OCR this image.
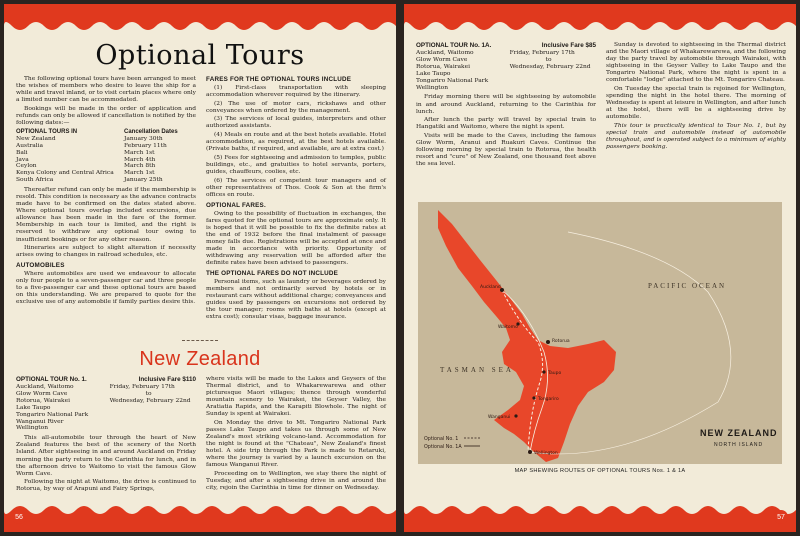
Optional Tours

The following optional tours have been arranged to meet the wishes of members who desire to leave the ship for a while and travel inland, or to visit certain places where only a limited number can be accommodated.

Bookings will be made in the order of application and refunds can only be allowed if cancellation is notified by the following dates:—

OPTIONAL TOURS IN	Cancellation Dates
New Zealand	January 30th
Australia	February 11th
Bali	March 1st
Java	March 4th
Ceylon	March 8th
Kenya Colony and Central Africa	March 1st
South Africa	January 25th

Thereafter refund can only be made if the membership is resold. This condition is necessary as the advance contracts made have to be confirmed on the dates stated above. Where optional tours overlap included excursions, due allowance has been made in the fare of the former. Membership in each tour is limited, and the right is reserved to withdraw any optional tour owing to insufficient bookings or for any other reason.

Itineraries are subject to slight alteration if necessity arises owing to changes in railroad schedules, etc.

AUTOMOBILES

Where automobiles are used we endeavour to allocate only four people to a seven-passenger car and three people to a five-passenger car and these optional tours are based on this understanding. We are prepared to quote for the exclusive use of any automobile if family parties desire this.

FARES FOR THE OPTIONAL TOURS INCLUDE

(1) First-class transportation with sleeping accommodation wherever required by the itinerary.

(2) The use of motor cars, rickshaws and other conveyances when ordered by the management.

(3) The services of local guides, interpreters and other authorized assistants.

(4) Meals en route and at the best hotels available. Hotel accommodation, as required, at the best hotels available. (Private baths, if required, and available, are at extra cost.)

(5) Fees for sightseeing and admission to temples, public buildings, etc., and gratuities to hotel servants, porters, guides, chauffeurs, coolies, etc.

(6) The services of competent tour managers and of other representatives of Thos. Cook & Son at the firm's offices en route.

OPTIONAL FARES.

Owing to the possibility of fluctuation in exchanges, the fares quoted for the optional tours are approximate only. It is hoped that it will be possible to fix the definite rates at the end of 1932 before the final instalment of passage money falls due. Registrations will be accepted at once and made in accordance with priority. Opportunity of withdrawing any reservation will be afforded after the definite rates have been advised to passengers.

THE OPTIONAL FARES DO NOT INCLUDE

Personal items, such as laundry or beverages ordered by members and not ordinarily served by hotels or in restaurant cars without additional charge; conveyances and guides used by passengers on excursions not ordered by the tour manager; rooms with baths at hotels (except at extra cost); consular visas, baggage insurance.

New Zealand
OPTIONAL TOUR No. 1.	Inclusive Fare $110
Auckland, Waitomo
Glow Worm Cave
Rotorua, Wairakei
Lake Taupo
Tongariro National Park
Wanganui River
Wellington
Friday, February 17th
to
Wednesday, February 22nd

This all-automobile tour through the heart of New Zealand features the best of the scenery of the North Island. After sightseeing in and around Auckland on Friday morning the party return to the Carinthia for lunch, and in the afternoon drive to Waitomo to visit the famous Glow Worm Cave.

Following the night at Waitomo, the drive is continued to Rotorua, by way of Arapuni and Fairy Springs,

where visits will be made to the Lakes and Geysers of the Thermal district, and to Whakarewarewa and other picturesque Maori villages; thence through wonderful mountain scenery to Wairakei, the Geyser Valley, the Aratiatia Rapids, and the Karapiti Blowhole. The night of Sunday is spent at Wairakei.

On Monday the drive to Mt. Tongariro National Park passes Lake Taupo and takes us through some of New Zealand's most striking volcano-land. Accommodation for the night is found at the "Chateau", New Zealand's finest hotel. A side trip through the Park is made to Retaruki, where the journey is varied by a launch excursion on the famous Wanganui River.

Proceeding on to Wellington, we stay there the night of Tuesday, and after a sightseeing drive in and around the city, rejoin the Carinthia in time for dinner on Wednesday.

56
OPTIONAL TOUR No. 1A.	Inclusive Fare $85
Auckland, Waitomo
Glow Worm Cave
Rotorua, Wairakei
Lake Taupo
Tongariro National Park
Wellington
Friday, February 17th
to
Wednesday, February 22nd

Friday morning there will be sightseeing by automobile in and around Auckland, returning to the Carinthia for lunch.

After lunch the party will travel by special train to Hangatiki and Waitomo, where the night is spent.

Visits will be made to the Caves, including the famous Glow Worm, Aranui and Ruakuri Caves. Continue the following morning by special train to Rotorua, the health resort and "cure" of New Zealand, one thousand feet above the sea level.

Sunday is devoted to sightseeing in the Thermal district and the Maori village of Whakarewarewa, and the following day the party travel by automobile through Wairakei, with sightseeing in the Geyser Valley to Lake Taupo and the Tongariro National Park, where the night is spent in a comfortable "lodge" attached to the Mt. Tongariro Chateau.

On Tuesday the special train is rejoined for Wellington, spending the night in the hotel there. The morning of Wednesday is spent at leisure in Wellington, and after lunch at the hotel, there will be a sightseeing drive by automobile.

This tour is practically identical to Tour No. 1, but by special train and automobile instead of automobile throughout, and is operated subject to a minimum of eighty passengers booking.

PACIFIC OCEAN
TASMAN SEA
Auckland
Rotorua
Waitomo
Taupo
Tongariro
Wanganui
Wellington
Optional No. 1
Optional No. 1A
NEW ZEALAND
NORTH ISLAND
MAP SHEWING ROUTES OF OPTIONAL TOURS Nos. 1 & 1A
57
